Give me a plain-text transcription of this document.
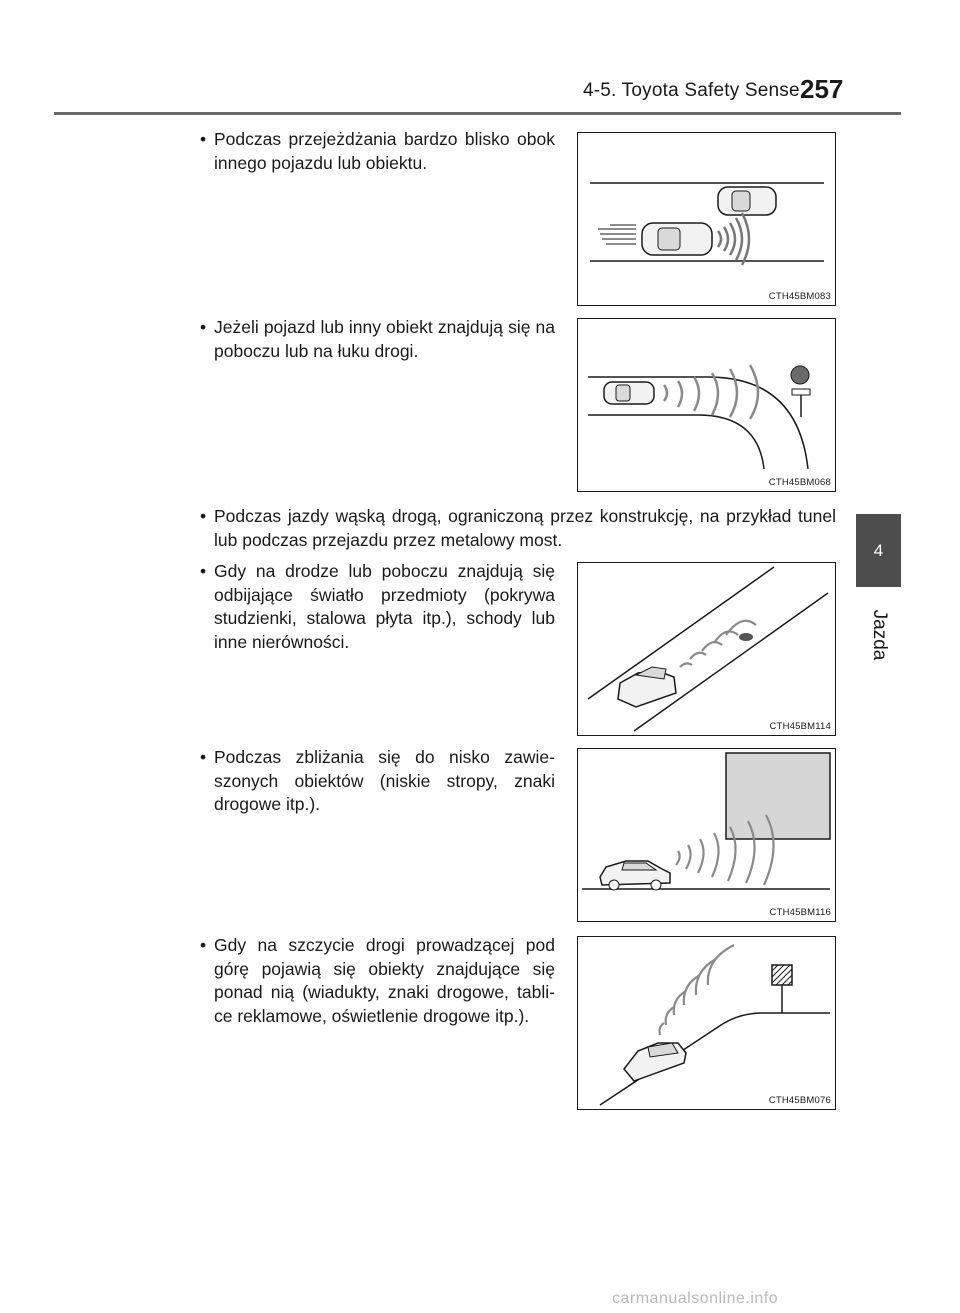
4-5. Toyota Safety Sense 257
4
Jazda
• Podczas przejeżdżania bardzo blisko obok innego pojazdu lub obiektu.
CTH45BM083
• Jeżeli pojazd lub inny obiekt znajdują się na poboczu lub na łuku drogi.
CTH45BM068
• Podczas jazdy wąską drogą, ograniczoną przez konstrukcję, na przykład tunel lub podczas przejazdu przez metalowy most.
• Gdy na drodze lub poboczu znajdują się odbijające światło przedmioty (pokrywa studzienki, stalowa płyta itp.), schody lub inne nierówności.
CTH45BM114
• Podczas zbliżania się do nisko zawie-szonych obiektów (niskie stropy, znaki drogowe itp.).
CTH45BM116
• Gdy na szczycie drogi prowadzącej pod górę pojawią się obiekty znajdujące się ponad nią (wiadukty, znaki drogowe, tabli-ce reklamowe, oświetlenie drogowe itp.).
CTH45BM076
carmanualsonline.info
